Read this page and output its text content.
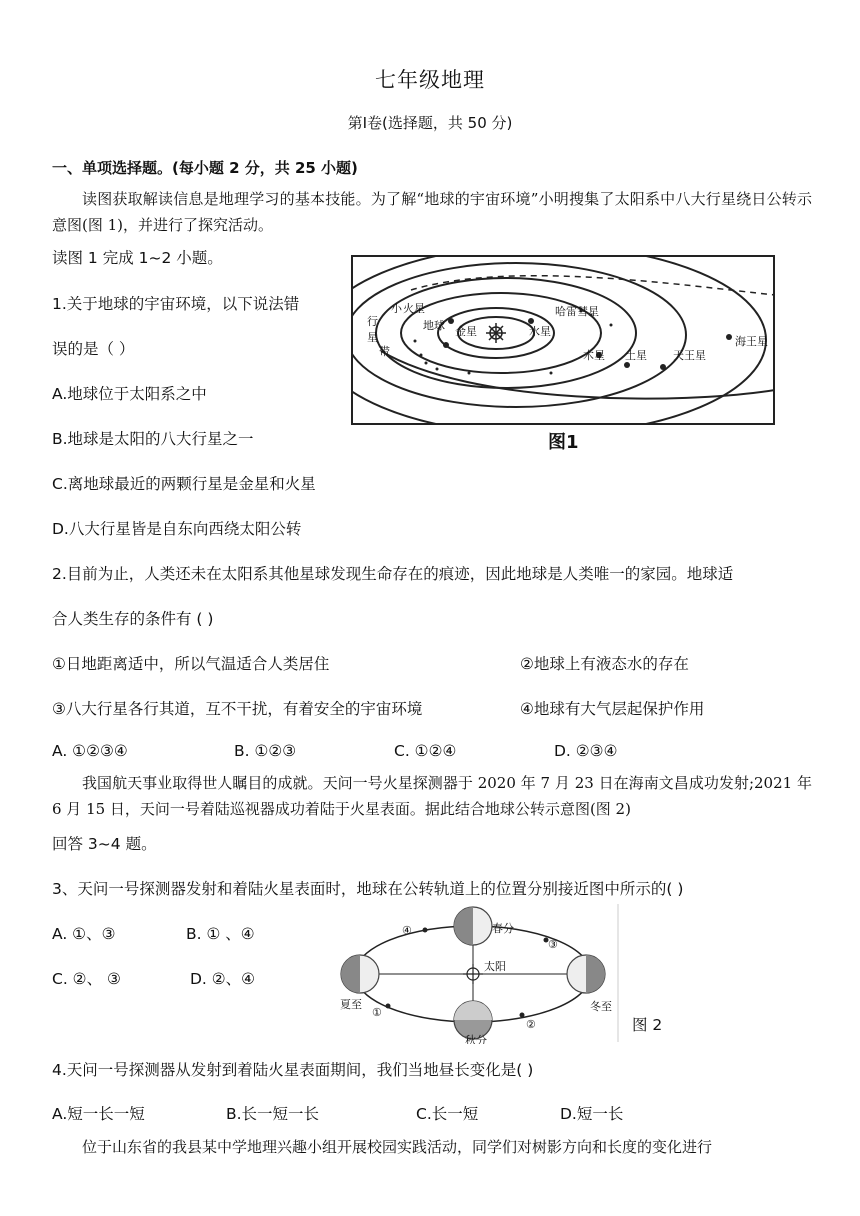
七年级地理
第Ⅰ卷(选择题，共 50 分)
一、单项选择题。(每小题 2 分，共 25 小题)
读图获取解读信息是地理学习的基本技能。为了解“地球的宇宙环境”小明搜集了太阳系中八大行星绕日公转示意图(图 1)，并进行了探究活动。
读图 1 完成 1~2 小题。
小 火星
行
星
带
地球 金星	水星
哈雷彗星
木星 土星 天王星
海王星
图1
1.关于地球的宇宙环境，以下说法错
误的是（ ）
A.地球位于太阳系之中
B.地球是太阳的八大行星之一
C.离地球最近的两颗行星是金星和火星
D.八大行星皆是自东向西绕太阳公转
2.目前为止，人类还未在太阳系其他星球发现生命存在的痕迹，因此地球是人类唯一的家园。地球适
合人类生存的条件有 ( )
①日地距离适中，所以气温适合人类居住	②地球上有液态水的存在
③八大行星各行其道，互不干扰，有着安全的宇宙环境	④地球有大气层起保护作用
A. ①②③④	B. ①②③	C. ①②④	D. ②③④
我国航天事业取得世人瞩目的成就。天问一号火星探测器于 2020 年 7 月 23 日在海南文昌成功发射;2021 年 6 月 15 日，天问一号着陆巡视器成功着陆于火星表面。据此结合地球公转示意图(图 2)
回答 3~4 题。
3、天问一号探测器发射和着陆火星表面时，地球在公转轨道上的位置分别接近图中所示的( )
A. ①、③	B. ① 、④
C. ②、 ③	D. ②、④
春分
夏至
秋分
冬至
太阳
①
②
③
④
图 2
4.天问一号探测器从发射到着陆火星表面期间，我们当地昼长变化是( )
A.短一长一短	B.长一短一长	C.长一短	D.短一长
位于山东省的我县某中学地理兴趣小组开展校园实践活动，同学们对树影方向和长度的变化进行
